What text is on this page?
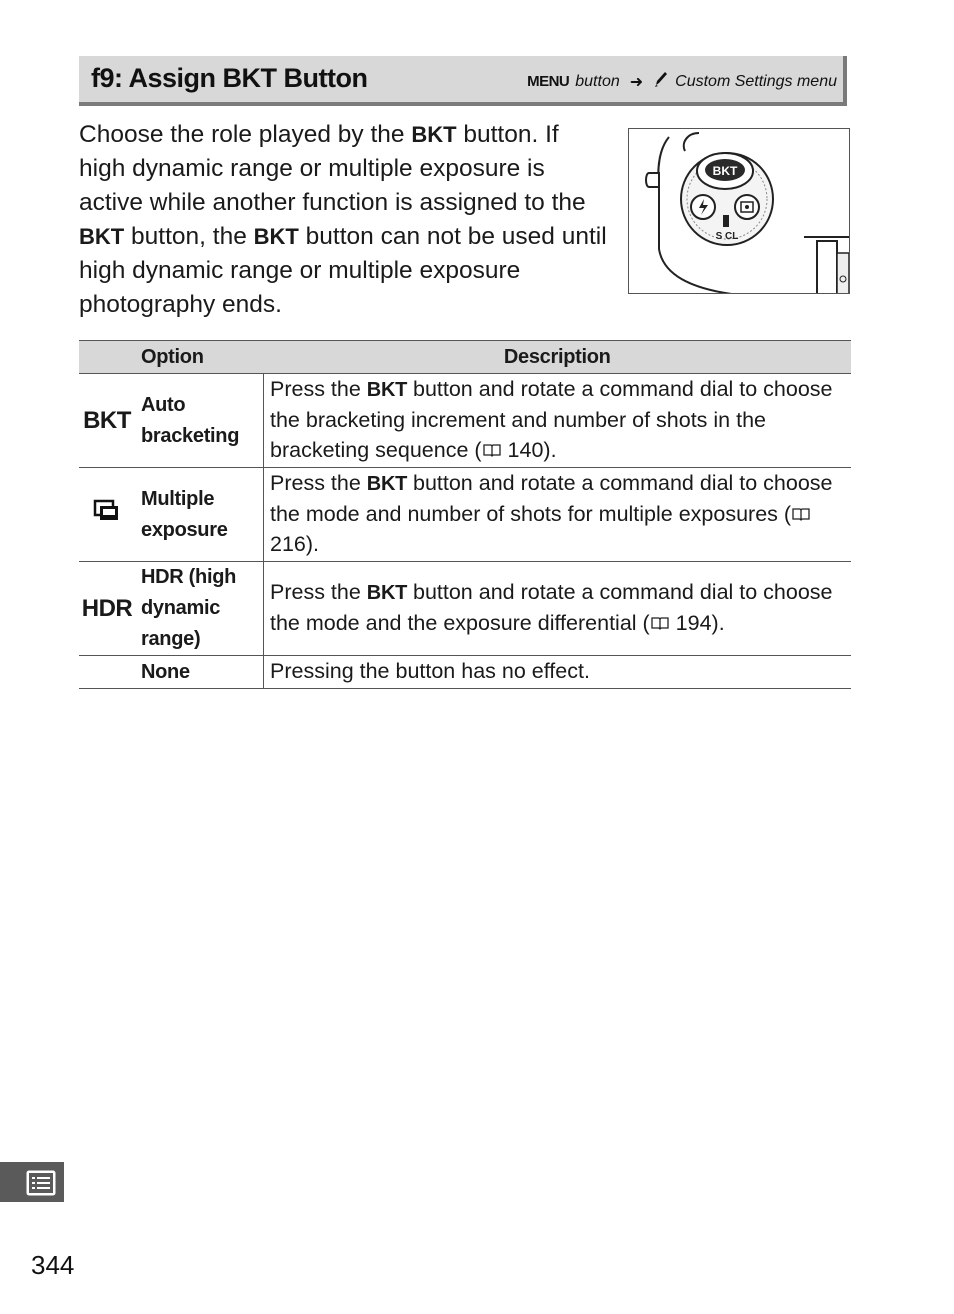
f9: Assign BKT Button	MENU button ➜ Custom Settings menu
Choose the role played by the BKT button. If high dynamic range or multiple exposure is active while another function is assigned to the BKT button, the BKT button can not be used until high dynamic range or multiple exposure photography ends.
BKT
S CL
Option		Description
BKT	Auto bracketing	Press the BKT button and rotate a command dial to choose the bracketing increment and number of shots in the bracketing sequence ( 140).
	Multiple exposure	Press the BKT button and rotate a command dial to choose the mode and number of shots for multiple exposures ( 216).
HDR	HDR (high dynamic range)	Press the BKT button and rotate a command dial to choose the mode and the exposure differential ( 194).
	None	Pressing the button has no effect.
344
